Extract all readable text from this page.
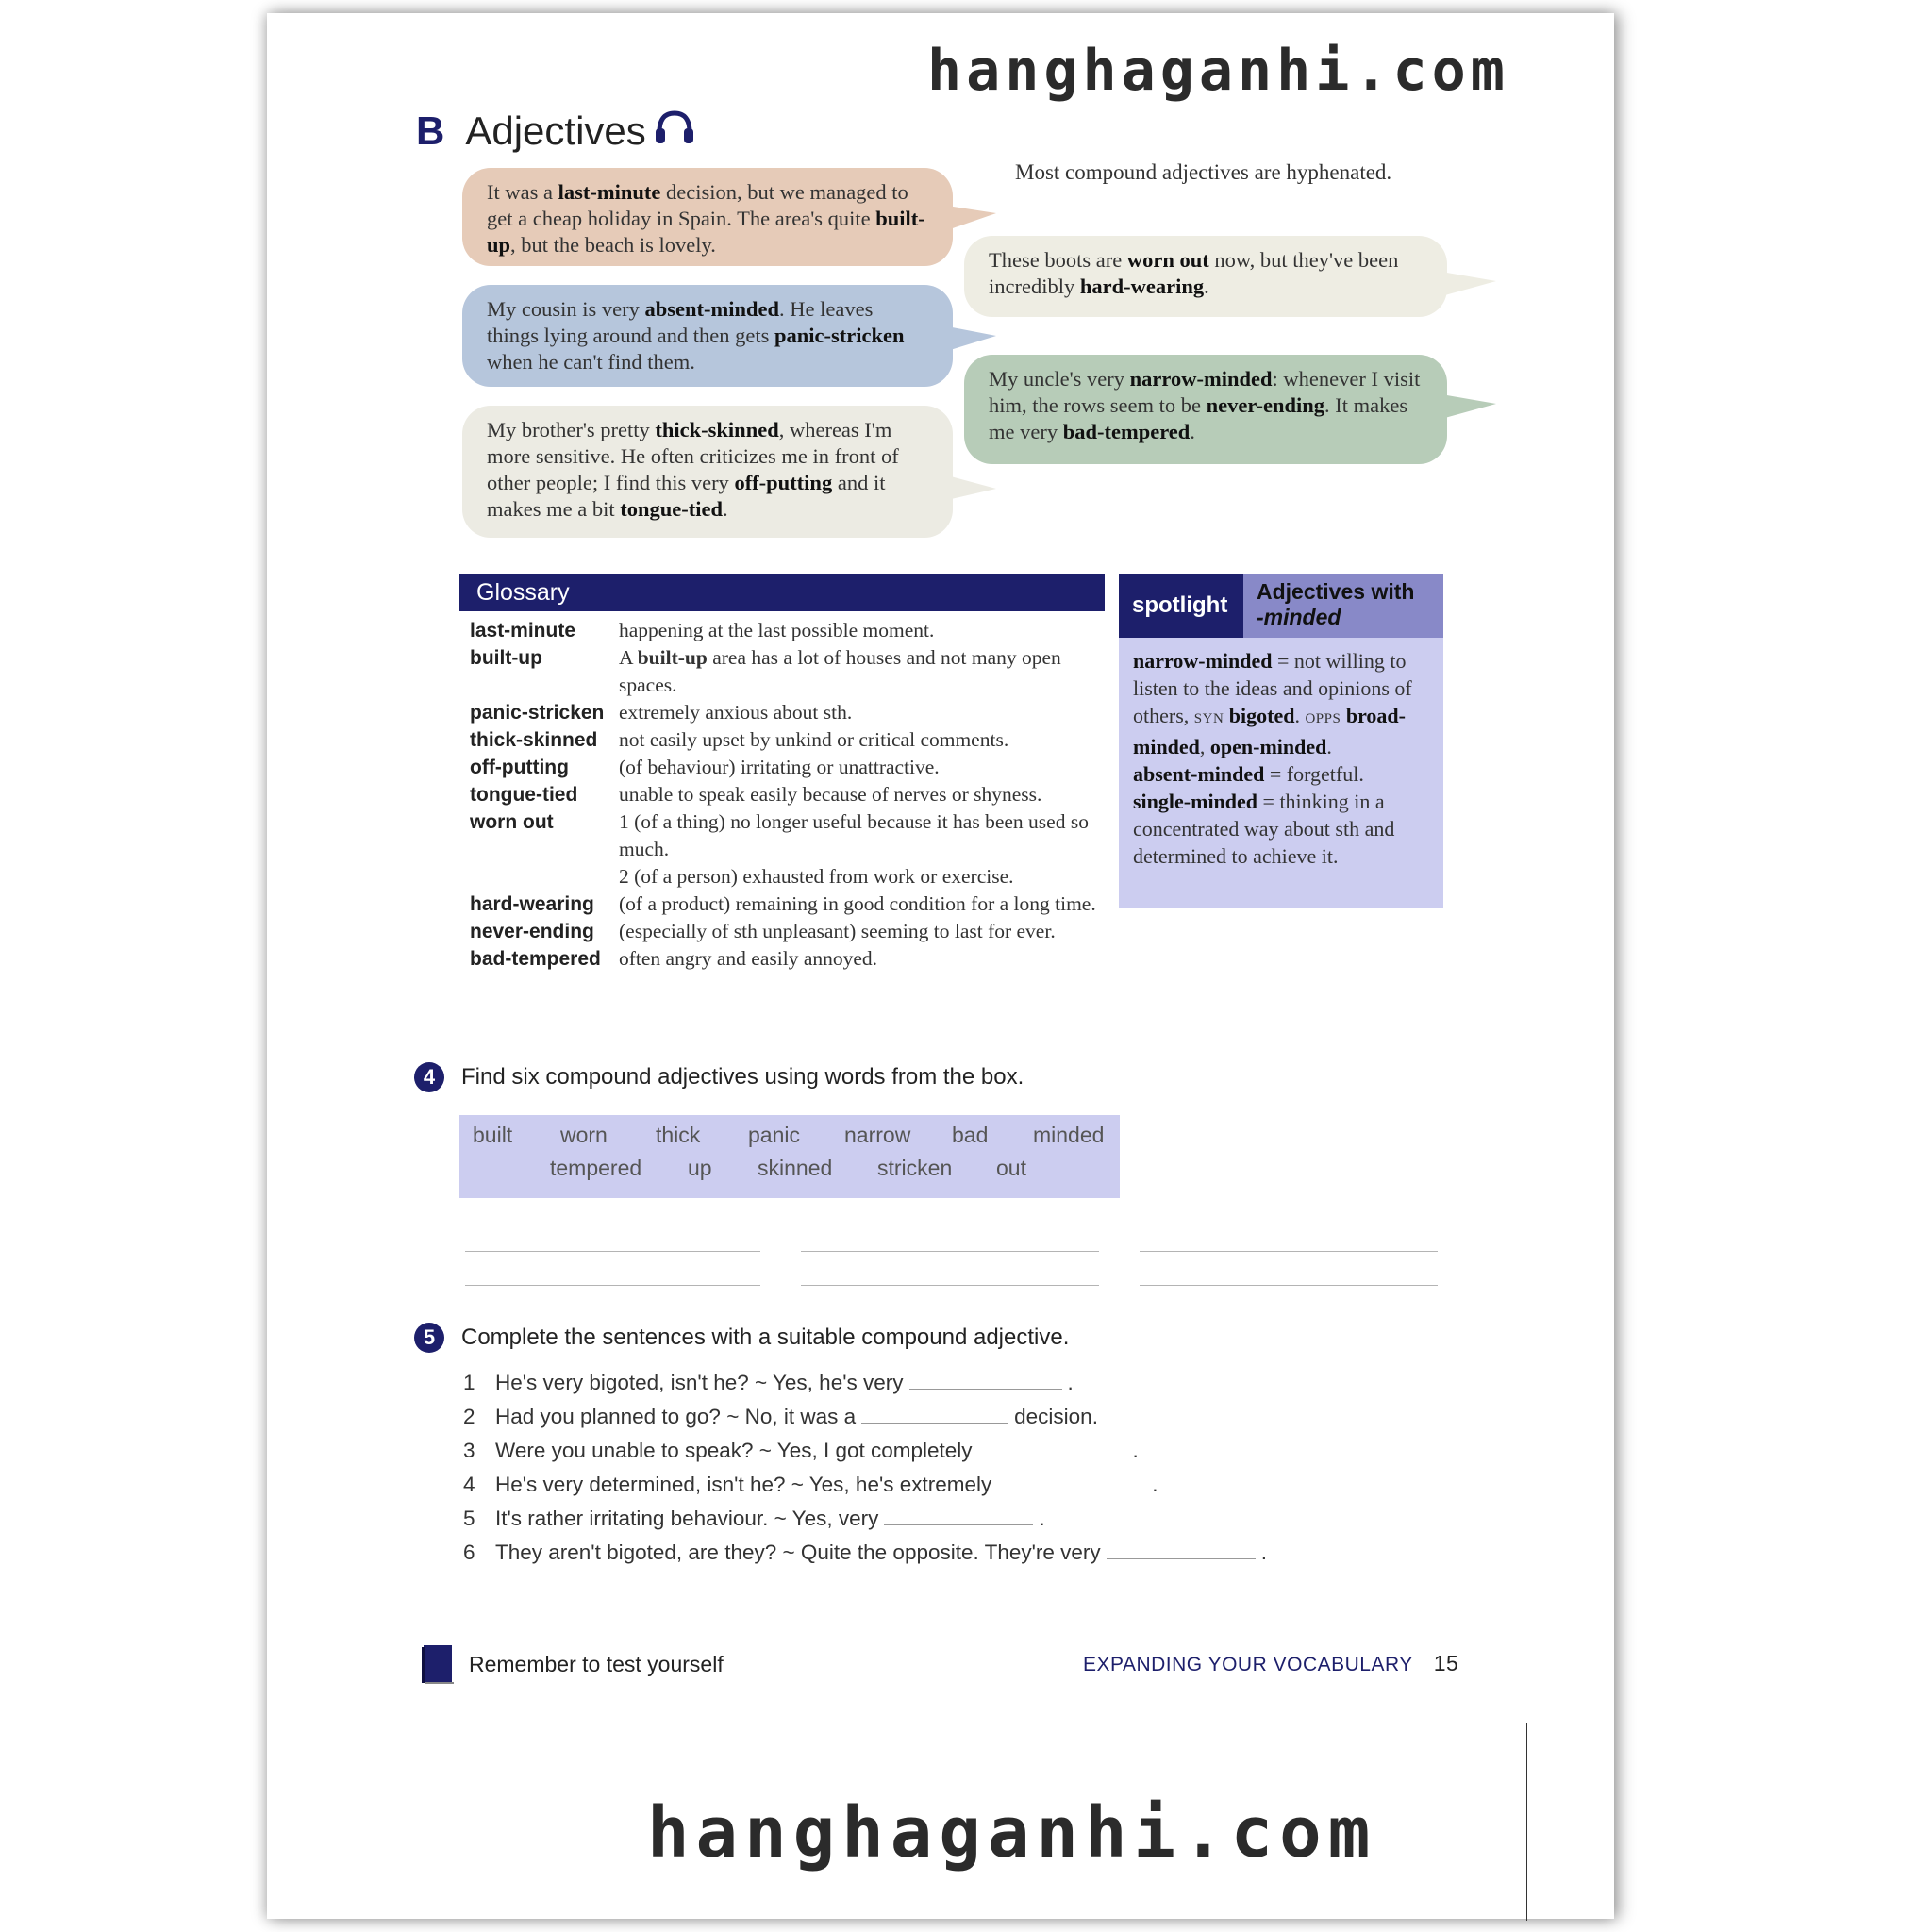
hanghaganhi.com
B Adjectives
Most compound adjectives are hyphenated.
It was a last-minute decision, but we managed to get a cheap holiday in Spain. The area's quite built-up, but the beach is lovely.
My cousin is very absent-minded. He leaves things lying around and then gets panic-stricken when he can't find them.
My brother's pretty thick-skinned, whereas I'm more sensitive. He often criticizes me in front of other people; I find this very off-putting and it makes me a bit tongue-tied.
These boots are worn out now, but they've been incredibly hard-wearing.
My uncle's very narrow-minded: whenever I visit him, the rows seem to be never-ending. It makes me very bad-tempered.
Glossary
last-minute	happening at the last possible moment.
built-up	A built-up area has a lot of houses and not many open spaces.
panic-stricken extremely anxious about sth.
thick-skinned	not easily upset by unkind or critical comments.
off-putting	(of behaviour) irritating or unattractive.
tongue-tied	unable to speak easily because of nerves or shyness.
worn out	1 (of a thing) no longer useful because it has been used so much.
2 (of a person) exhausted from work or exercise.
hard-wearing	(of a product) remaining in good condition for a long time.
never-ending	(especially of sth unpleasant) seeming to last for ever.
bad-tempered often angry and easily annoyed.
spotlight
Adjectives with
-minded
narrow-minded = not willing to listen to the ideas and opinions of others, SYN bigoted. OPPS broad-minded, open-minded.
absent-minded = forgetful.
single-minded = thinking in a concentrated way about sth and determined to achieve it.
4	Find six compound adjectives using words from the box.
built worn thick panic narrow bad minded
tempered up skinned stricken out
5	Complete the sentences with a suitable compound adjective.
1 He's very bigoted, isn't he? ~ Yes, he's very	.
2 Had you planned to go? ~ No, it was a	decision.
3 Were you unable to speak? ~ Yes, I got completely	.
4 He's very determined, isn't he? ~ Yes, he's extremely	.
5 It's rather irritating behaviour. ~ Yes, very	.
6 They aren't bigoted, are they? ~ Quite the opposite. They're very	.
Remember to test yourself	EXPANDING YOUR VOCABULARY 15
hanghaganhi.com
